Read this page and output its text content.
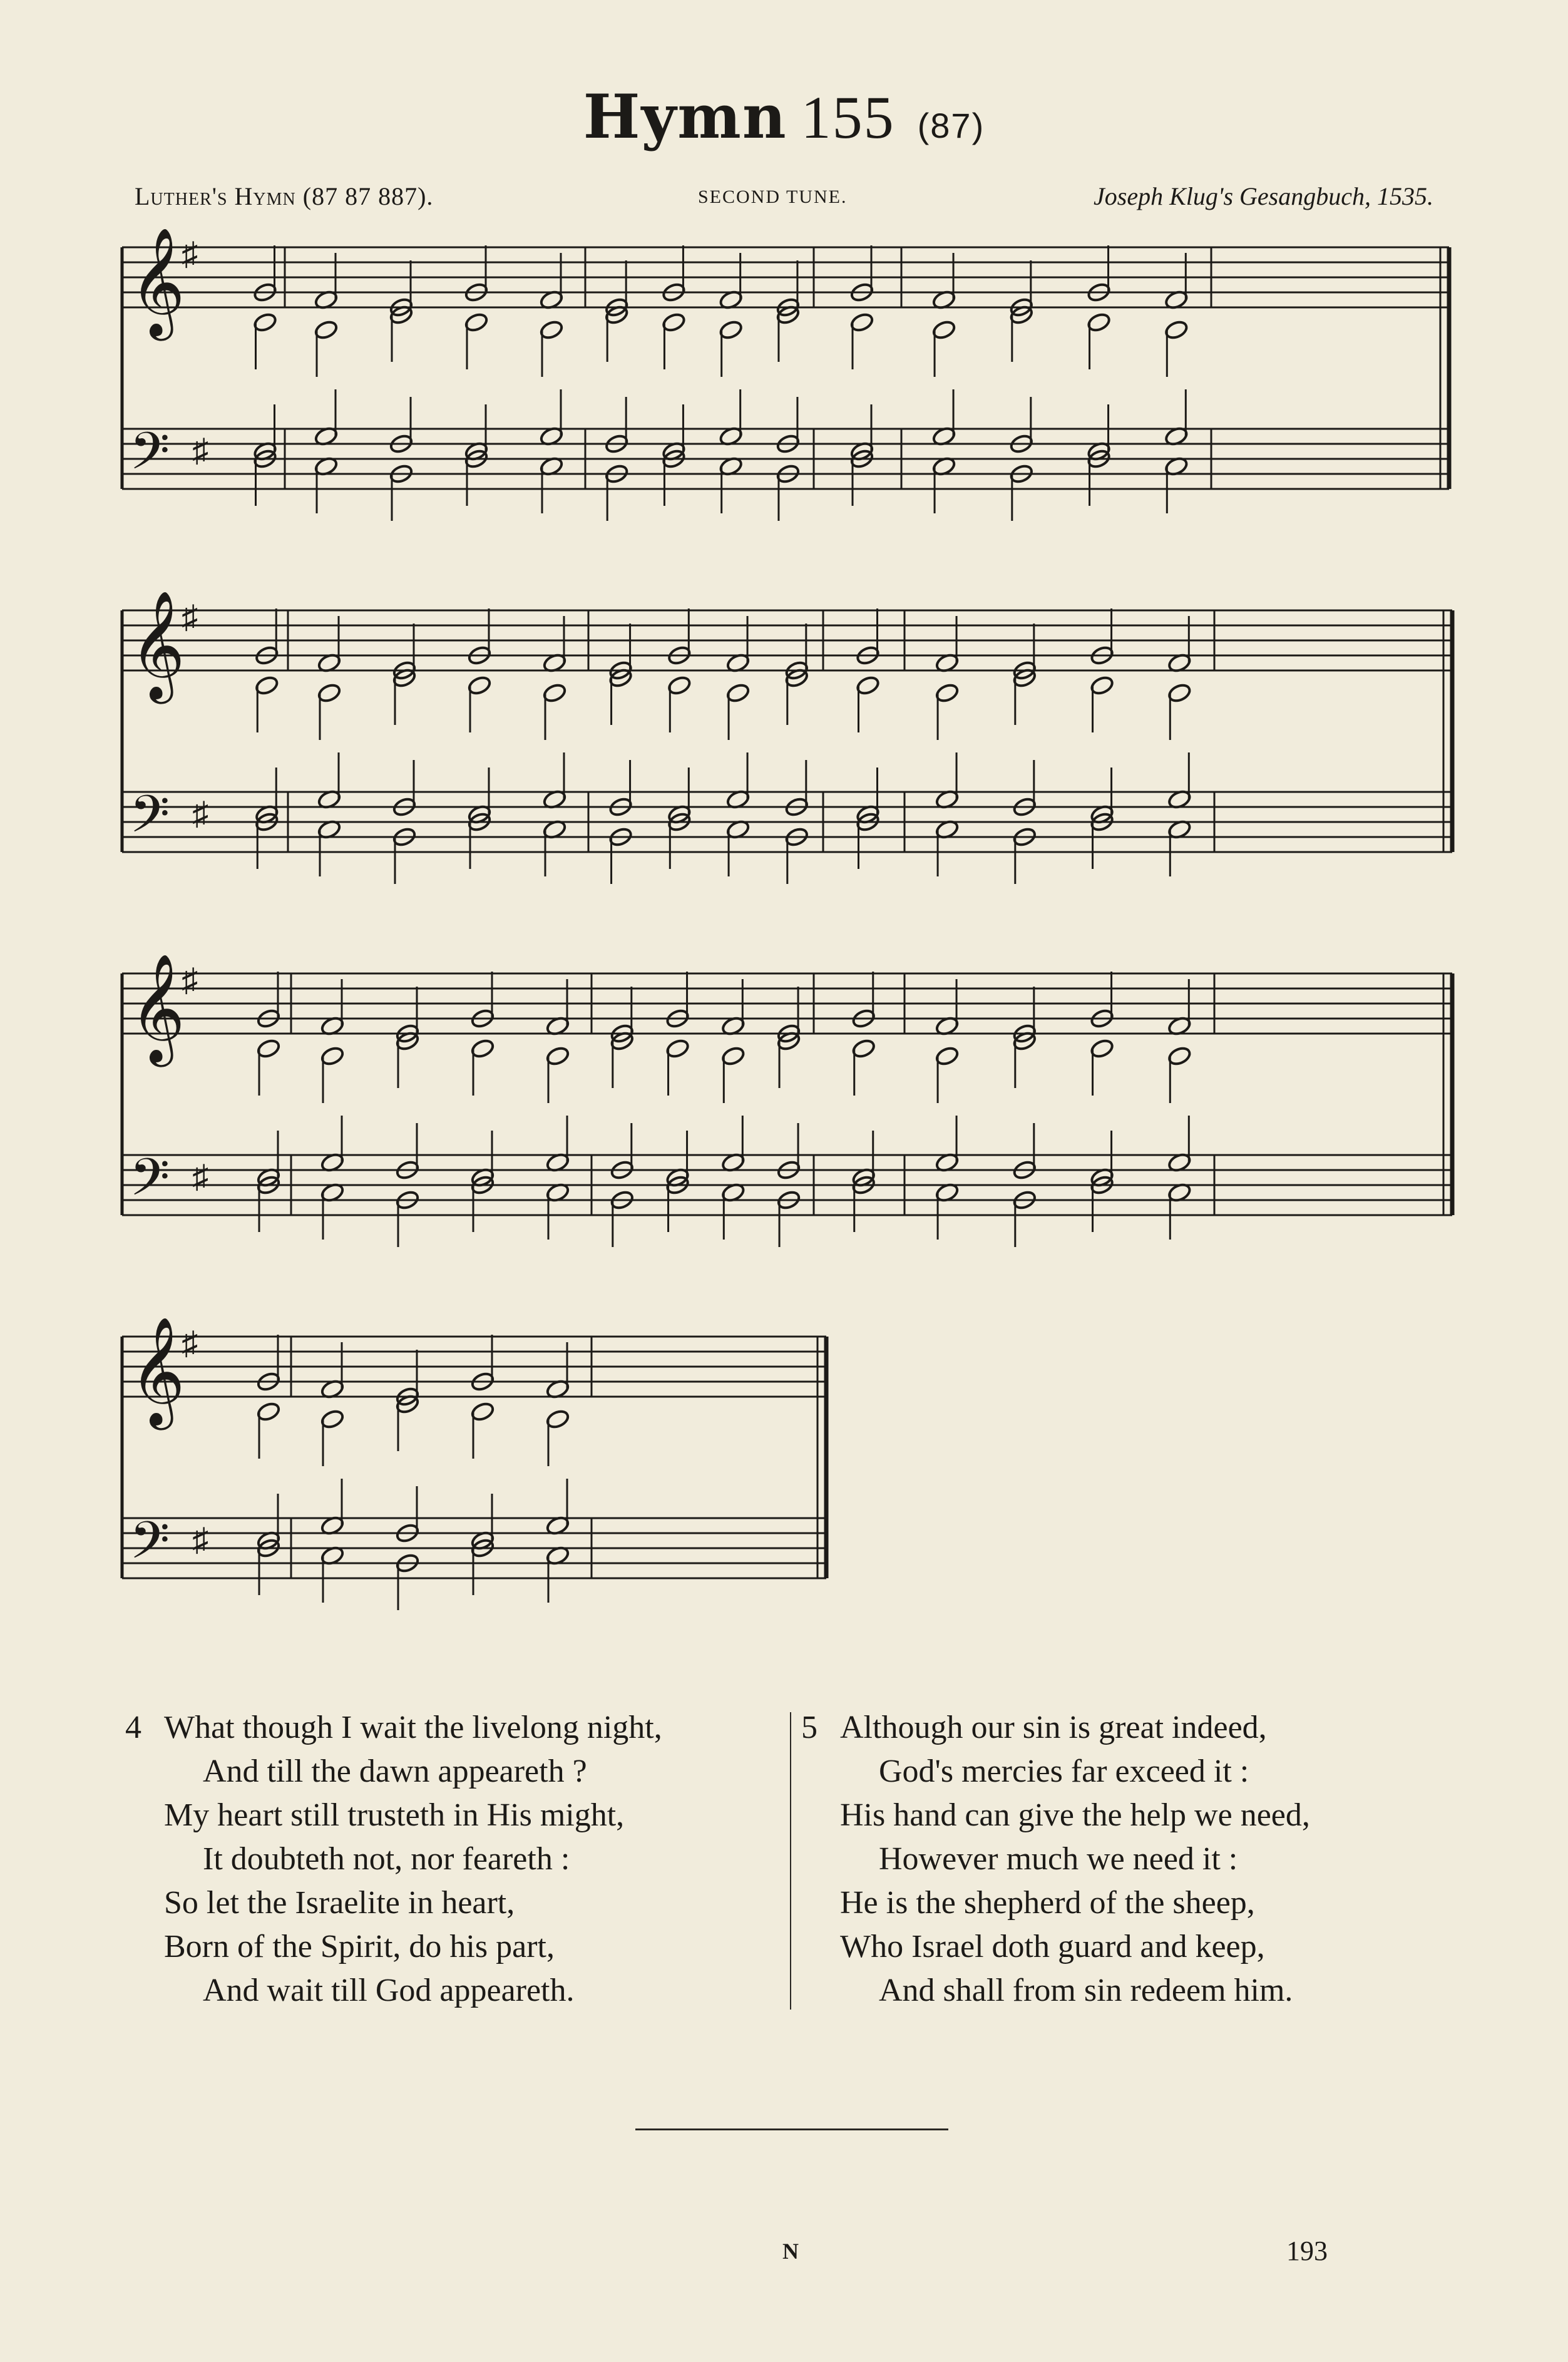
Hymn 155 (87)
Luther's Hymn (87 87 887).	SECOND TUNE.	Joseph Klug's Gesangbuch, 1535.
𝄞
𝄢
♯
♯
𝄞
𝄢
♯
♯
𝄞
𝄢
♯
♯
𝄞
𝄢
♯
♯
4 What though I wait the livelong night,
And till the dawn appeareth ?
My heart still trusteth in His might,
It doubteth not, nor feareth :
So let the Israelite in heart,
Born of the Spirit, do his part,
And wait till God appeareth.
5 Although our sin is great indeed,
God's mercies far exceed it :
His hand can give the help we need,
However much we need it :
He is the shepherd of the sheep,
Who Israel doth guard and keep,
And shall from sin redeem him.
N	193
